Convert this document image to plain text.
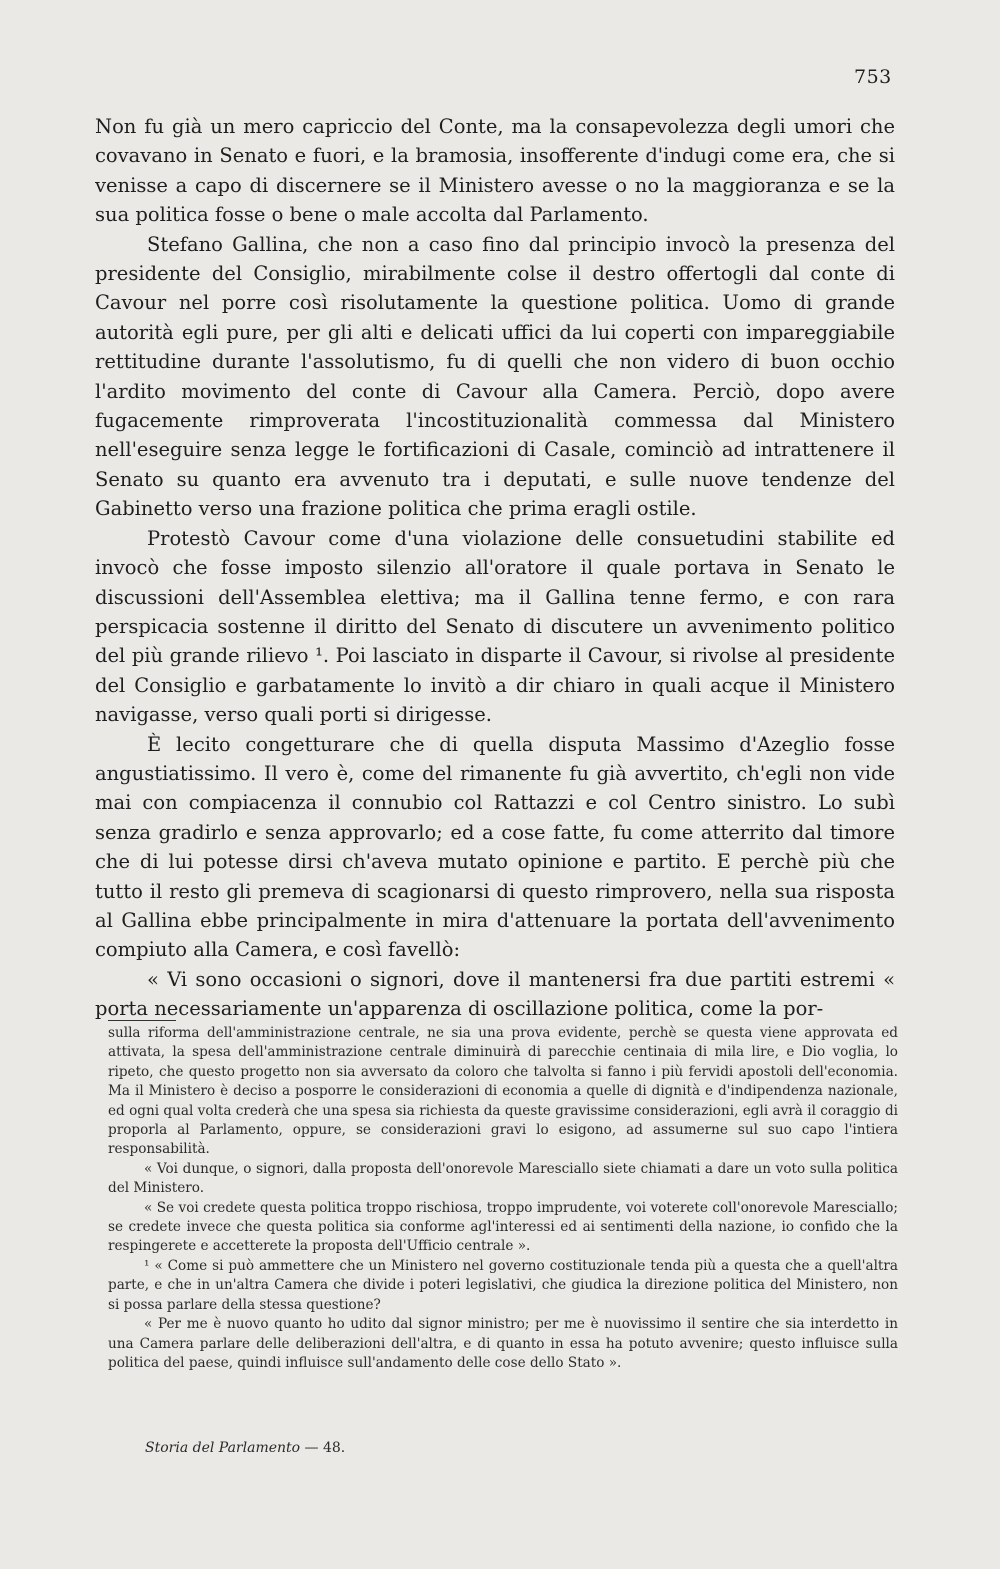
753

Non fu già un mero capriccio del Conte, ma la consapevolezza degli umori che covavano in Senato e fuori, e la bramosia, insofferente d'indugi come era, che si venisse a capo di discernere se il Ministero avesse o no la maggioranza e se la sua politica fosse o bene o male accolta dal Parlamento.

Stefano Gallina, che non a caso fino dal principio invocò la presenza del presidente del Consiglio, mirabilmente colse il destro offertogli dal conte di Cavour nel porre così risolutamente la questione politica. Uomo di grande autorità egli pure, per gli alti e delicati uffici da lui coperti con impareggiabile rettitudine durante l'assolutismo, fu di quelli che non videro di buon occhio l'ardito movimento del conte di Cavour alla Camera. Perciò, dopo avere fugacemente rimproverata l'incostituzionalità commessa dal Ministero nell'eseguire senza legge le fortificazioni di Casale, cominciò ad intrattenere il Senato su quanto era avvenuto tra i deputati, e sulle nuove tendenze del Gabinetto verso una frazione politica che prima eragli ostile.

Protestò Cavour come d'una violazione delle consuetudini stabilite ed invocò che fosse imposto silenzio all'oratore il quale portava in Senato le discussioni dell'Assemblea elettiva; ma il Gallina tenne fermo, e con rara perspicacia sostenne il diritto del Senato di discutere un avvenimento politico del più grande rilievo ¹. Poi lasciato in disparte il Cavour, si rivolse al presidente del Consiglio e garbatamente lo invitò a dir chiaro in quali acque il Ministero navigasse, verso quali porti si dirigesse.

È lecito congetturare che di quella disputa Massimo d'Azeglio fosse angustiatissimo. Il vero è, come del rimanente fu già avvertito, ch'egli non vide mai con compiacenza il connubio col Rattazzi e col Centro sinistro. Lo subì senza gradirlo e senza approvarlo; ed a cose fatte, fu come atterrito dal timore che di lui potesse dirsi ch'aveva mutato opinione e partito. E perchè più che tutto il resto gli premeva di scagionarsi di questo rimprovero, nella sua risposta al Gallina ebbe principalmente in mira d'attenuare la portata dell'avvenimento compiuto alla Camera, e così favellò:

« Vi sono occasioni o signori, dove il mantenersi fra due partiti estremi « porta necessariamente un'apparenza di oscillazione politica, come la por-

sulla riforma dell'amministrazione centrale, ne sia una prova evidente, perchè se questa viene approvata ed attivata, la spesa dell'amministrazione centrale diminuirà di parecchie centinaia di mila lire, e Dio voglia, lo ripeto, che questo progetto non sia avversato da coloro che talvolta si fanno i più fervidi apostoli dell'economia. Ma il Ministero è deciso a posporre le considerazioni di economia a quelle di dignità e d'indipendenza nazionale, ed ogni qual volta crederà che una spesa sia richiesta da queste gravissime considerazioni, egli avrà il coraggio di proporla al Parlamento, oppure, se considerazioni gravi lo esigono, ad assumerne sul suo capo l'intiera responsabilità.

« Voi dunque, o signori, dalla proposta dell'onorevole Maresciallo siete chiamati a dare un voto sulla politica del Ministero.

« Se voi credete questa politica troppo rischiosa, troppo imprudente, voi voterete coll'onorevole Maresciallo; se credete invece che questa politica sia conforme agl'interessi ed ai sentimenti della nazione, io confido che la respingerete e accetterete la proposta dell'Ufficio centrale ».

¹ « Come si può ammettere che un Ministero nel governo costituzionale tenda più a questa che a quell'altra parte, e che in un'altra Camera che divide i poteri legislativi, che giudica la direzione politica del Ministero, non si possa parlare della stessa questione?

« Per me è nuovo quanto ho udito dal signor ministro; per me è nuovissimo il sentire che sia interdetto in una Camera parlare delle deliberazioni dell'altra, e di quanto in essa ha potuto avvenire; questo influisce sulla politica del paese, quindi influisce sull'andamento delle cose dello Stato ».

Storia del Parlamento — 48.
